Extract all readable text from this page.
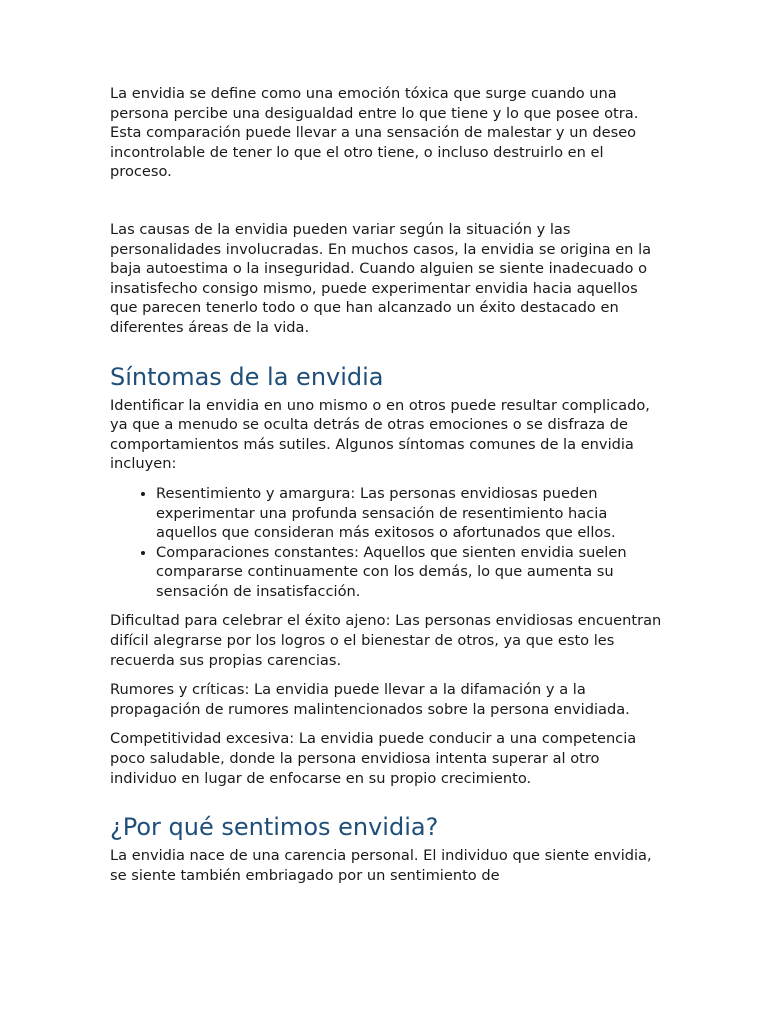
La envidia se define como una emoción tóxica que surge cuando una persona percibe una desigualdad entre lo que tiene y lo que posee otra. Esta comparación puede llevar a una sensación de malestar y un deseo incontrolable de tener lo que el otro tiene, o incluso destruirlo en el proceso.

Las causas de la envidia pueden variar según la situación y las personalidades involucradas. En muchos casos, la envidia se origina en la baja autoestima o la inseguridad. Cuando alguien se siente inadecuado o insatisfecho consigo mismo, puede experimentar envidia hacia aquellos que parecen tenerlo todo o que han alcanzado un éxito destacado en diferentes áreas de la vida.

Síntomas de la envidia

Identificar la envidia en uno mismo o en otros puede resultar complicado, ya que a menudo se oculta detrás de otras emociones o se disfraza de comportamientos más sutiles. Algunos síntomas comunes de la envidia incluyen:

• Resentimiento y amargura: Las personas envidiosas pueden experimentar una profunda sensación de resentimiento hacia aquellos que consideran más exitosos o afortunados que ellos.
• Comparaciones constantes: Aquellos que sienten envidia suelen compararse continuamente con los demás, lo que aumenta su sensación de insatisfacción.

Dificultad para celebrar el éxito ajeno: Las personas envidiosas encuentran difícil alegrarse por los logros o el bienestar de otros, ya que esto les recuerda sus propias carencias.

Rumores y críticas: La envidia puede llevar a la difamación y a la propagación de rumores malintencionados sobre la persona envidiada.

Competitividad excesiva: La envidia puede conducir a una competencia poco saludable, donde la persona envidiosa intenta superar al otro individuo en lugar de enfocarse en su propio crecimiento.

¿Por qué sentimos envidia?

La envidia nace de una carencia personal. El individuo que siente envidia, se siente también embriagado por un sentimiento de
